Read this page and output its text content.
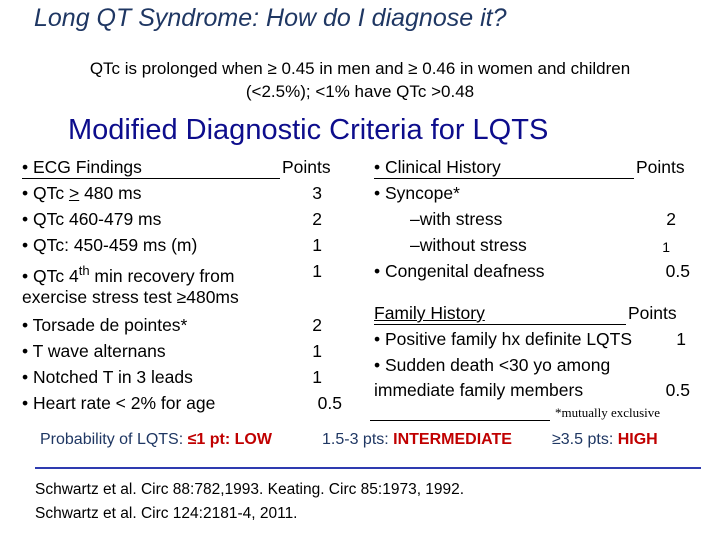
Long QT Syndrome: How do I diagnose it?
QTc is prolonged when ≥ 0.45 in men and ≥ 0.46 in women and children
(<2.5%); <1% have QTc >0.48
Modified Diagnostic Criteria for LQTS
• ECG Findings	Points
• QTc ≥ 480 ms	3
• QTc 460-479 ms	2
• QTc: 450-459 ms (m)	1
• QTc 4th min recovery from	1
exercise stress test ≥480ms
• Torsade de pointes*	2
• T wave alternans	1
• Notched T in 3 leads	1
• Heart rate < 2% for age	0.5
• Clinical History	Points
• Syncope*
–with stress	2
–without stress	1
• Congenital deafness	0.5
Family History	Points
• Positive family hx definite LQTS	1
• Sudden death <30 yo among
immediate family members	0.5
*mutually exclusive
Probability of LQTS: ≤1 pt: LOW	1.5-3 pts: INTERMEDIATE	≥3.5 pts: HIGH
Schwartz et al. Circ 88:782,1993. Keating. Circ 85:1973, 1992.
Schwartz et al. Circ 124:2181-4, 2011.
